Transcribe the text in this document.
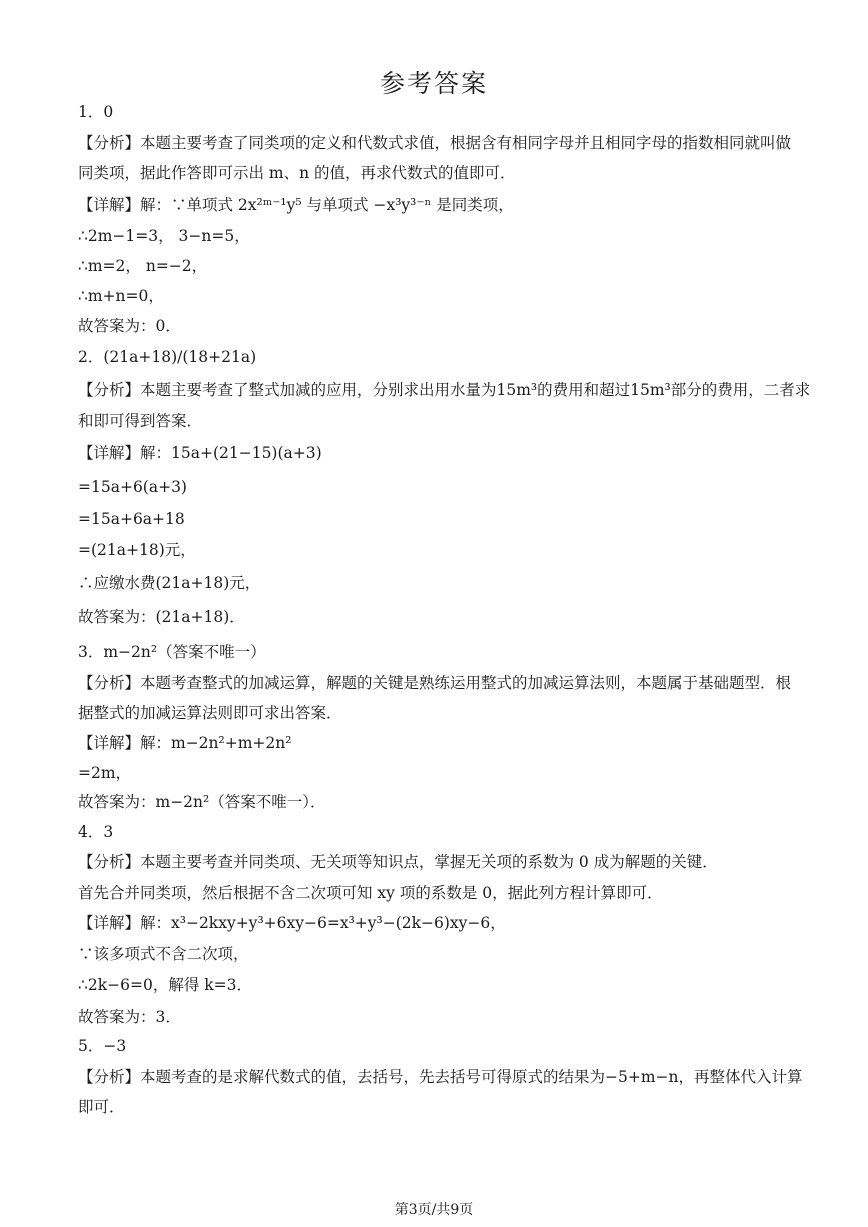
参考答案
1．0
【分析】本题主要考查了同类项的定义和代数式求值，根据含有相同字母并且相同字母的指数相同就叫做
同类项，据此作答即可示出 m、n 的值，再求代数式的值即可．
【详解】解：∵单项式 2x²ᵐ⁻¹y⁵ 与单项式 −x³y³⁻ⁿ 是同类项，
∴2m−1=3， 3−n=5，
∴m=2， n=−2，
∴m+n=0，
故答案为：0．
2．(21a+18)/(18+21a)
【分析】本题主要考查了整式加减的应用，分别求出用水量为15m³的费用和超过15m³部分的费用，二者求
和即可得到答案．
【详解】解：15a+(21−15)(a+3)
=15a+6(a+3)
=15a+6a+18
=(21a+18)元，
∴应缴水费(21a+18)元，
故答案为：(21a+18)．
3．m−2n²（答案不唯一）
【分析】本题考查整式的加减运算，解题的关键是熟练运用整式的加减运算法则，本题属于基础题型．根
据整式的加减运算法则即可求出答案．
【详解】解：m−2n²+m+2n²
=2m，
故答案为：m−2n²（答案不唯一）．
4．3
【分析】本题主要考查并同类项、无关项等知识点，掌握无关项的系数为 0 成为解题的关键．
首先合并同类项，然后根据不含二次项可知 xy 项的系数是 0，据此列方程计算即可．
【详解】解：x³−2kxy+y³+6xy−6=x³+y³−(2k−6)xy−6，
∵该多项式不含二次项，
∴2k−6=0，解得 k=3．
故答案为：3．
5．−3
【分析】本题考查的是求解代数式的值，去括号，先去括号可得原式的结果为−5+m−n，再整体代入计算
即可．
第3页/共9页
